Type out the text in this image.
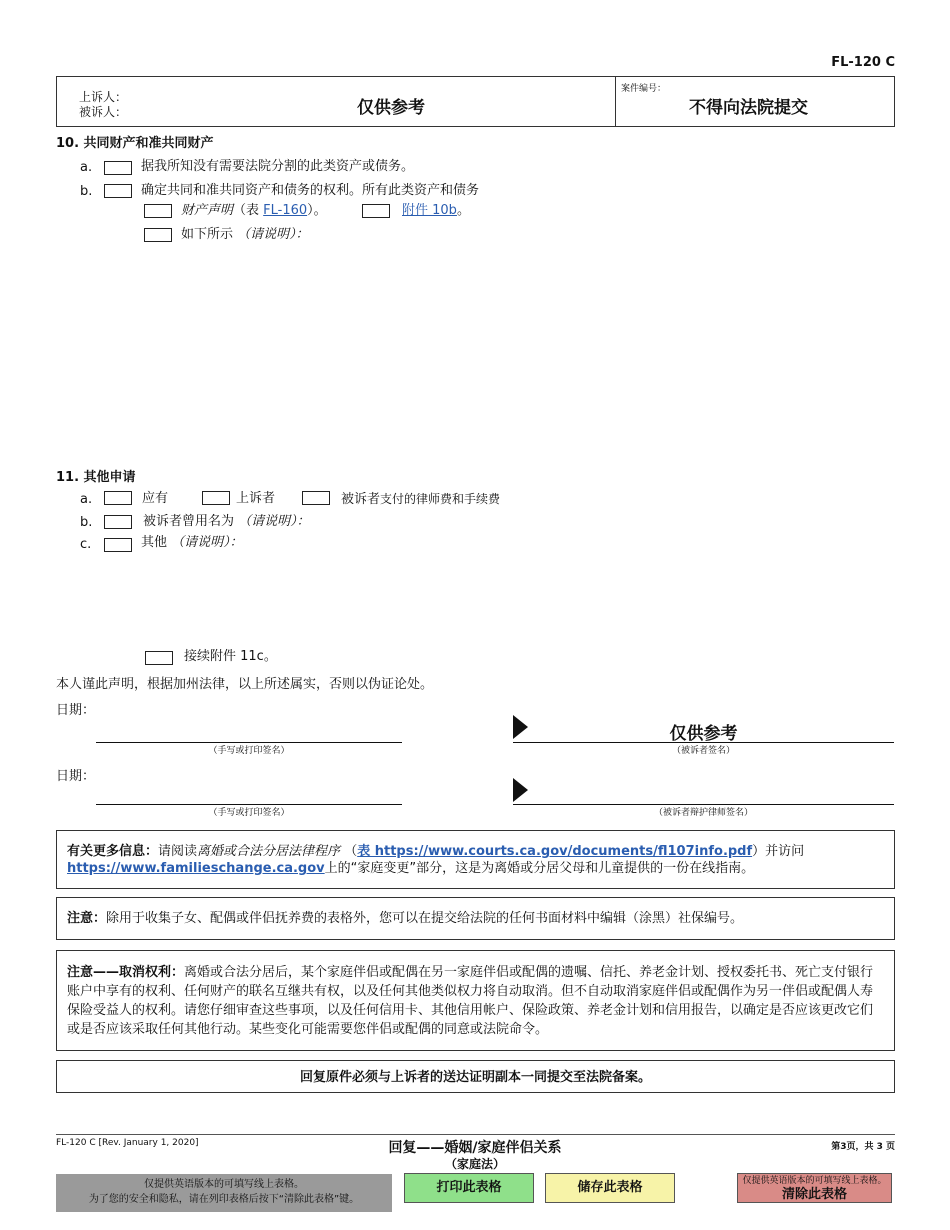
FL-120 C
上诉人：
被诉人：	仅供参考
案件编号：
不得向法院提交
10. 共同财产和准共同财产
a.	据我所知没有需要法院分割的此类资产或债务。
b.	确定共同和准共同资产和债务的权利。所有此类资产和债务
财产声明（表 FL-160）。	附件 10b。
如下所示 （请说明）：
11. 其他申请
a.	应有	上诉者	被诉者支付的律师费和手续费
b.	被诉者曾用名为 （请说明）：
c.	其他 （请说明）：
接续附件 11c。
本人谨此声明，根据加州法律，以上所述属实，否则以伪证论处。
日期：
（手写或打印签名）
仅供参考
（被诉者签名）
日期：
（手写或打印签名）	（被诉者辩护律师签名）
有关更多信息：请阅读离婚或合法分居法律程序 （表 https://www.courts.ca.gov/documents/fl107info.pdf）并访问https://www.familieschange.ca.gov上的“家庭变更”部分，这是为离婚或分居父母和儿童提供的一份在线指南。
注意：除用于收集子女、配偶或伴侣抚养费的表格外，您可以在提交给法院的任何书面材料中编辑（涂黑）社保编号。
注意——取消权利：离婚或合法分居后，某个家庭伴侣或配偶在另一家庭伴侣或配偶的遗嘱、信托、养老金计划、授权委托书、死亡支付银行账户中享有的权利、任何财产的联名互继共有权，以及任何其他类似权力将自动取消。但不自动取消家庭伴侣或配偶作为另一伴侣或配偶人寿保险受益人的权利。请您仔细审查这些事项，以及任何信用卡、其他信用帐户、保险政策、养老金计划和信用报告，以确定是否应该更改它们或是否应该采取任何其他行动。某些变化可能需要您伴侣或配偶的同意或法院命令。
回复原件必须与上诉者的送达证明副本一同提交至法院备案。
FL-120 C [Rev. January 1, 2020]	回复——婚姻/家庭伴侣关系
（家庭法）
第3页，共 3 页
仅提供英语版本的可填写线上表格。
为了您的安全和隐私，请在列印表格后按下“清除此表格”键。
打印此表格	储存此表格	仅提供英语版本的可填写线上表格。
清除此表格
